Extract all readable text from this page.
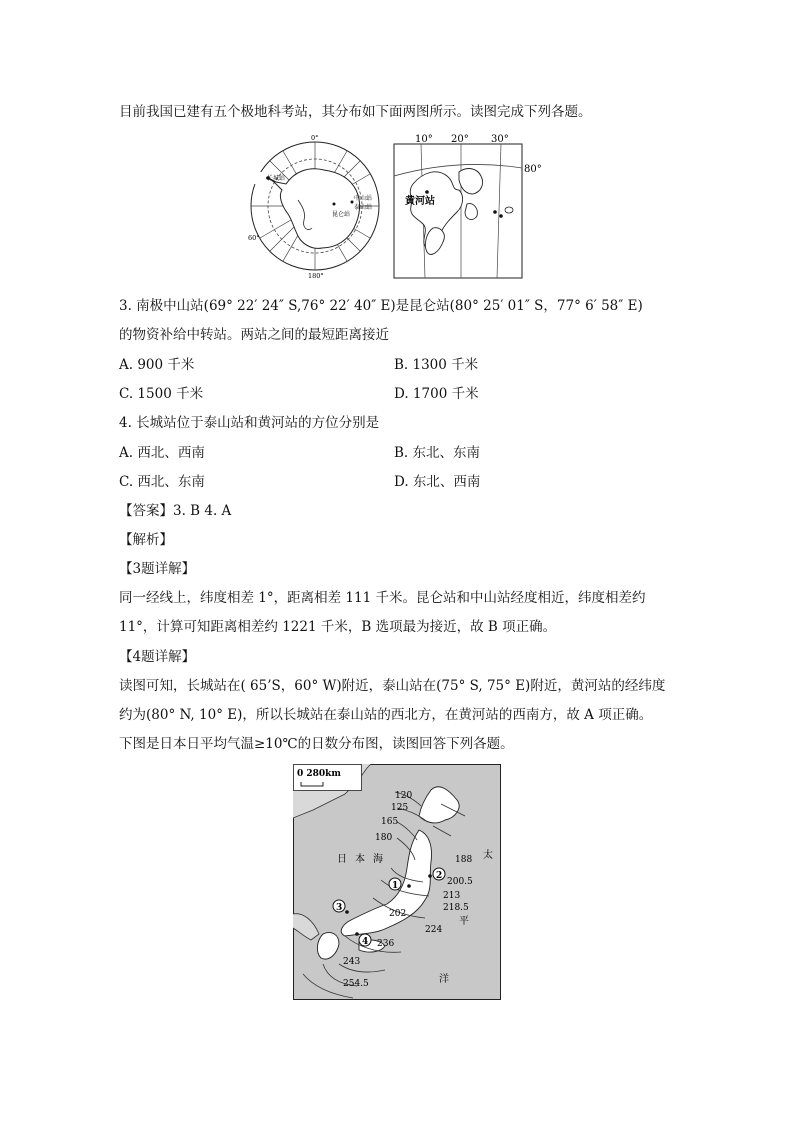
目前我国已建有五个极地科考站，其分布如下面两图所示。读图完成下列各题。
长城站
中山站
泰山站
昆仑站
0°
60°
180°
10° 20° 30°
80°
黄河站
3. 南极中山站(69° 22′ 24″ S,76° 22′ 40″ E)是昆仑站(80° 25′ 01″ S，77° 6′ 58″ E)
的物资补给中转站。两站之间的最短距离接近
A. 900 千米	B. 1300 千米
C. 1500 千米	D. 1700 千米
4. 长城站位于泰山站和黄河站的方位分别是
A. 西北、西南	B. 东北、东南
C. 西北、东南	D. 东北、西南
【答案】3. B 4. A
【解析】
【3题详解】
同一经线上，纬度相差 1°，距离相差 111 千米。昆仑站和中山站经度相近，纬度相差约
11°，计算可知距离相差约 1221 千米，B 选项最为接近，故 B 项正确。
【4题详解】
读图可知，长城站在( 65’S，60° W)附近，泰山站在(75° S, 75° E)附近，黄河站的经纬度
约为(80° N, 10° E)，所以长城站在泰山站的西北方，在黄河站的西南方，故 A 项正确。
下图是日本日平均气温≥10℃的日数分布图，读图回答下列各题。
0 280km
120
125
165
180
188
200.5
213
218.5
202
224
236
243
254.5
日 本 海	太
平
洋
1
2
3
4
